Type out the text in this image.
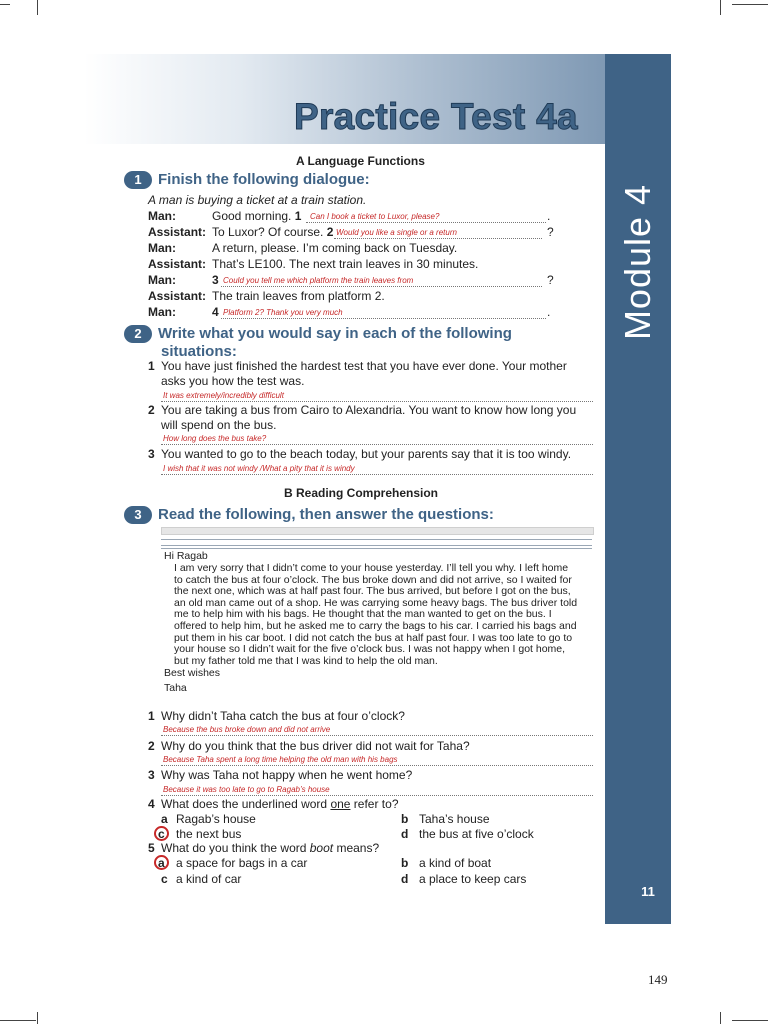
Module 4
11
Practice Test 4a
A Language Functions
1 Finish the following dialogue:
A man is buying a ticket at a train station.
Man:	Good morning. 1 Can I book a ticket to Luxor, please?	.
Assistant: To Luxor? Of course. 2 Would you like a single or a return	?
Man:	A return, please. I’m coming back on Tuesday.
Assistant: That’s LE100. The next train leaves in 30 minutes.
Man:	3 Could you tell me which platform the train leaves from	?
Assistant: The train leaves from platform 2.
Man:	4 Platform 2? Thank you very much	.
2 Write what you would say in each of the following
situations:
1 You have just finished the hardest test that you have ever done. Your mother
asks you how the test was.
It was extremely/incredibly difficult
2 You are taking a bus from Cairo to Alexandria. You want to know how long you
will spend on the bus.
How long does the bus take?
3 You wanted to go to the beach today, but your parents say that it is too windy.
I wish that it was not windy /What a pity that it is windy
B Reading Comprehension
3 Read the following, then answer the questions:
Hi Ragab
I am very sorry that I didn’t come to your house yesterday. I’ll tell you why. I left home
to catch the bus at four o’clock. The bus broke down and did not arrive, so I waited for
the next one, which was at half past four. The bus arrived, but before I got on the bus,
an old man came out of a shop. He was carrying some heavy bags. The bus driver told
me to help him with his bags. He thought that the man wanted to get on the bus. I
offered to help him, but he asked me to carry the bags to his car. I carried his bags and
put them in his car boot. I did not catch the bus at half past four. I was too late to go to
your house so I didn’t wait for the five o’clock bus. I was not happy when I got home,
but my father told me that I was kind to help the old man.
Best wishes
Taha
1 Why didn’t Taha catch the bus at four o’clock?
Because the bus broke down and did not arrive
2 Why do you think that the bus driver did not wait for Taha?
Because Taha spent a long time helping the old man with his bags
3 Why was Taha not happy when he went home?
Because it was too late to go to Ragab’s house
4 What does the underlined word one refer to?
a Ragab’s house	b Taha’s house
c the next bus	d the bus at five o’clock
5 What do you think the word boot means?
a a space for bags in a car	b a kind of boat
c a kind of car	d a place to keep cars
149
